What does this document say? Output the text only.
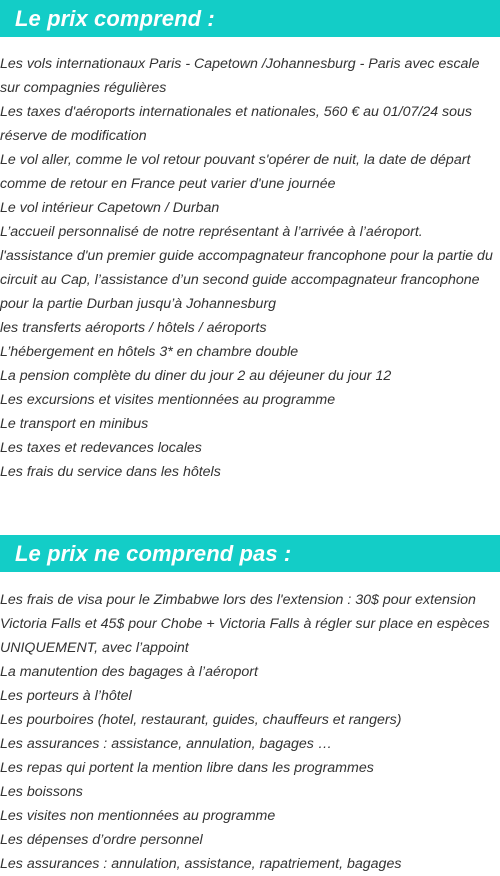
Le prix comprend :
Les vols internationaux Paris - Capetown /Johannesburg - Paris avec escale sur compagnies régulières
Les taxes d'aéroports internationales et nationales, 560 € au 01/07/24 sous réserve de modification
Le vol aller, comme le vol retour pouvant s'opérer de nuit, la date de départ comme de retour en France peut varier d'une journée
Le vol intérieur Capetown / Durban
L’accueil personnalisé de notre représentant à l’arrivée à l’aéroport.
l'assistance d'un premier guide accompagnateur francophone pour la partie du circuit au Cap, l’assistance d’un second guide accompagnateur francophone pour la partie Durban jusqu’à Johannesburg
les transferts aéroports / hôtels / aéroports
L’hébergement en hôtels 3* en chambre double
La pension complète du diner du jour 2 au déjeuner du jour 12
Les excursions et visites mentionnées au programme
Le transport en minibus
Les taxes et redevances locales
Les frais du service dans les hôtels
Le prix ne comprend pas :
Les frais de visa pour le Zimbabwe lors des l'extension : 30$ pour extension Victoria Falls et 45$ pour Chobe + Victoria Falls à régler sur place en espèces UNIQUEMENT, avec l’appoint
La manutention des bagages à l’aéroport
Les porteurs à l’hôtel
Les pourboires (hotel, restaurant, guides, chauffeurs et rangers)
Les assurances : assistance, annulation, bagages …
Les repas qui portent la mention libre dans les programmes
Les boissons
Les visites non mentionnées au programme
Les dépenses d’ordre personnel
Les assurances : annulation, assistance, rapatriement, bagages
